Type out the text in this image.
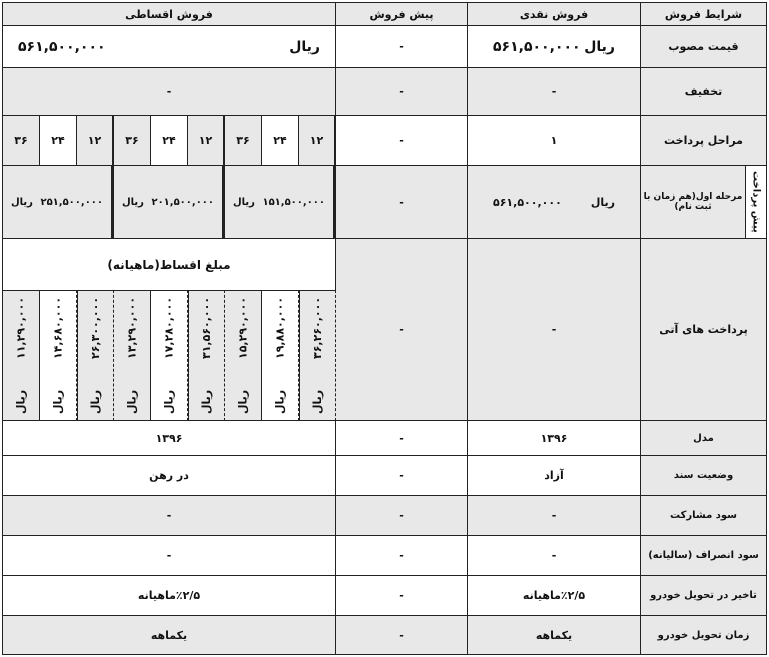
شرایط فروش
فروش نقدی
پیش فروش
فروش اقساطی
قیمت مصوب
ریال
۵۶۱,۵۰۰,۰۰۰
-
ریال
۵۶۱,۵۰۰,۰۰۰
تخفیف
-
-
-
مراحل پرداخت
۱
-
پیش پرداخت
مرحله اول(هم زمان با ثبت نام)
ریال
۵۶۱,۵۰۰,۰۰۰
-
پرداخت های آتی
-
-
مبلغ اقساط(ماهیانه)
۱۲
۳۶,۲۶۰,۰۰۰
ریال
۲۴
۱۹,۸۸۰,۰۰۰
ریال
۳۶
۱۵,۲۹۰,۰۰۰
ریال
۱۵۱,۵۰۰,۰۰۰
ریال
۱۲
۳۱,۵۶۰,۰۰۰
ریال
۲۴
۱۷,۲۸۰,۰۰۰
ریال
۳۶
۱۳,۲۹۰,۰۰۰
ریال
۲۰۱,۵۰۰,۰۰۰
ریال
۱۲
۲۶,۳۰۰,۰۰۰
ریال
۲۴
۱۴,۶۸۰,۰۰۰
ریال
۳۶
۱۱,۲۹۰,۰۰۰
ریال
۲۵۱,۵۰۰,۰۰۰
ریال
مدل
۱۳۹۶
-
۱۳۹۶
وضعیت سند
آزاد
-
در رهن
سود مشارکت
-
-
-
سود انصراف (سالیانه)
-
-
-
تاخیر در تحویل خودرو
٪۲/۵ماهیانه
-
٪۲/۵ماهیانه
زمان تحویل خودرو
یکماهه
-
یکماهه
